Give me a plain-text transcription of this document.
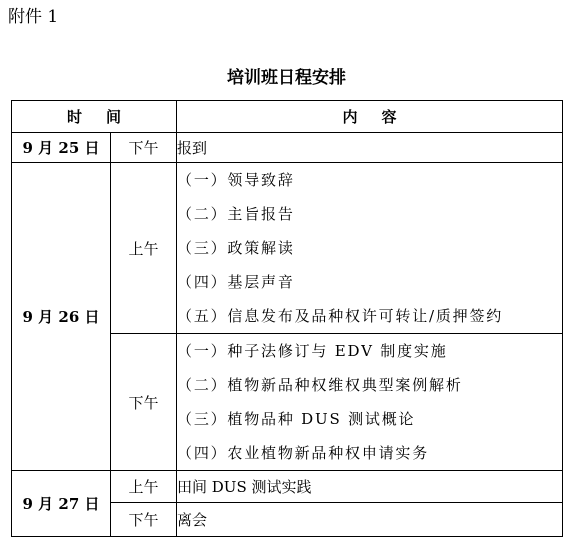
附件 1
培训班日程安排
时间		内容
9 月 25 日	下午	报到
9 月 26 日	上午	（一）领导致辞
（二）主旨报告
（三）政策解读
（四）基层声音
（五）信息发布及品种权许可转让/质押签约

	下午	（一）种子法修订与 EDV 制度实施
（二）植物新品种权维权典型案例解析
（三）植物品种 DUS 测试概论
（四）农业植物新品种权申请实务

9 月 27 日	上午	田间 DUS 测试实践
	下午	离会
